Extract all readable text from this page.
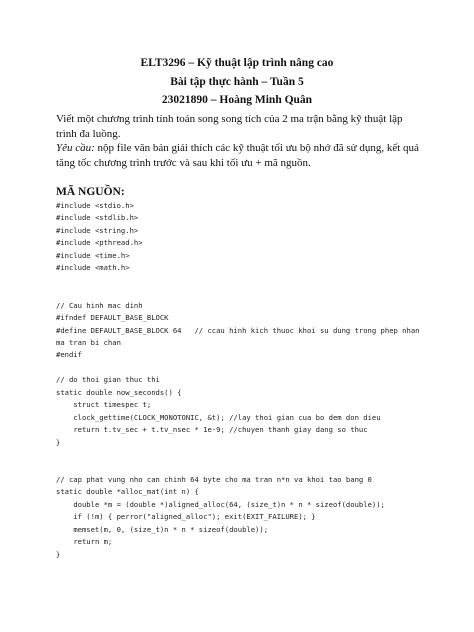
ELT3296 – Kỹ thuật lập trình nâng cao
Bài tập thực hành – Tuần 5
23021890 – Hoàng Minh Quân
Viết một chương trình tính toán song song tích của 2 ma trận bằng kỹ thuật lập trình đa luồng.
Yêu cầu: nộp file văn bản giải thích các kỹ thuật tối ưu bộ nhớ đã sử dụng, kết quả tăng tốc chương trình trước và sau khi tối ưu + mã nguồn.
MÃ NGUỒN:
#include <stdio.h>
#include <stdlib.h>
#include <string.h>
#include <pthread.h>
#include <time.h>
#include <math.h>
// Cau hinh mac dinh
#ifndef DEFAULT_BASE_BLOCK
#define DEFAULT_BASE_BLOCK 64   // ccau hinh kich thuoc khoi su dung trong phep nhan ma tran bi chan
#endif
// do thoi gian thuc thi
static double now_seconds() {
struct timespec t;
clock_gettime(CLOCK_MONOTONIC, &t); //lay thoi gian cua bo dem don dieu
return t.tv_sec + t.tv_nsec * 1e-9; //chuyen thanh giay dang so thuc
}
// cap phat vung nho can chinh 64 byte cho ma tran n*n va khoi tao bang 0
static double *alloc_mat(int n) {
double *m = (double *)aligned_alloc(64, (size_t)n * n * sizeof(double));
if (!m) { perror("aligned_alloc"); exit(EXIT_FAILURE); }
memset(m, 0, (size_t)n * n * sizeof(double));
return m;
}
